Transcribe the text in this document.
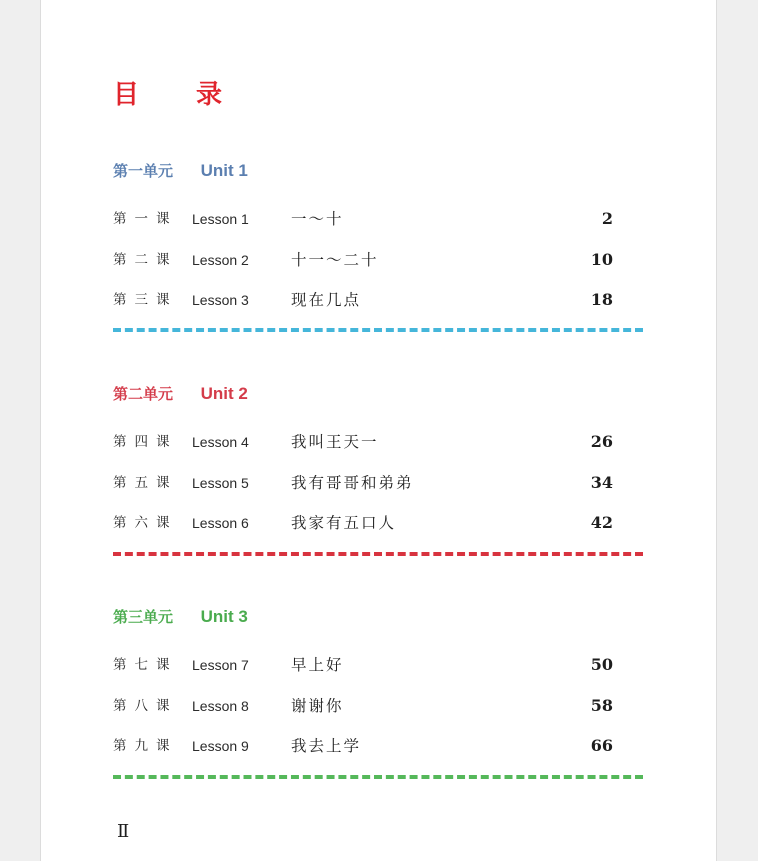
目 录
第一单元 Unit 1
第一课 Lesson 1	一～十	2
第二课 Lesson 2	十一～二十	10
第三课 Lesson 3	现在几点	18
第二单元 Unit 2
第四课 Lesson 4	我叫王天一	26
第五课 Lesson 5	我有哥哥和弟弟	34
第六课 Lesson 6	我家有五口人	42
第三单元 Unit 3
第七课 Lesson 7	早上好	50
第八课 Lesson 8	谢谢你	58
第九课 Lesson 9	我去上学	66
Ⅱ
